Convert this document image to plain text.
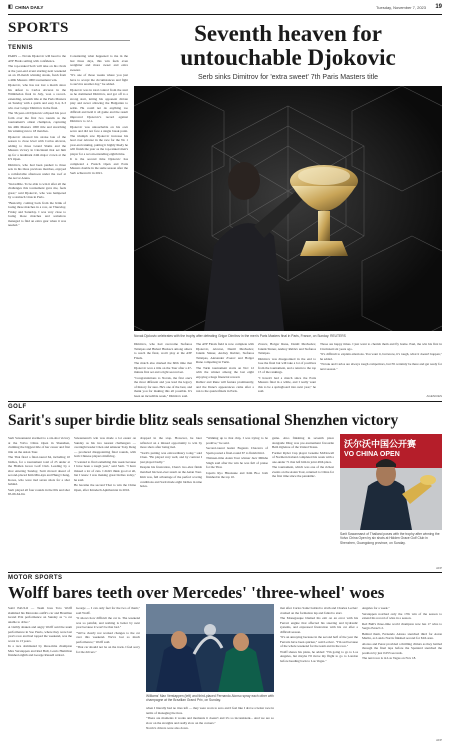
19
Tuesday, November 7, 2023
◧ CHINA DAILY
SPORTS
TENNIS

PARIS — Novak Djokovic will head to the ATP Finals sailing with confidence.

The top-ranked Serb will take on his rivals at the year-end event starting next weekend on an 18-match winning streak, fresh from a 40th Masters 1000 tournament win.

Djokovic, who has not lost a match since his defeat to Carlos Alcaraz in the Wimbledon final in July, won a record-extending, seventh title at the Paris Masters on Sunday with a quick and easy 6-4, 6-3 win over Grigor Dimitrov in the final.

The 36-year-old Djokovic eclipsed his poor form over the first two rounds as the tournament's oldest champion, capturing his 40th Masters 1000 title and stretching his winning run to 18 matches.

Djokovic showed his stroke late of the season to close level with Carlos Alcaraz, adding to three Grand Slams and the Masters victory in Cincinnati that set him up for a landmark 24th major crown at the US Open.

Dimitrov, who had been pushed to three sets in his three previous matches, enjoyed a comfortable afternoon under the roof at the Accor Arena.

"Incredible. To be able to win it after all the challenges this tournament gave me, feels great," said Djokovic, who was hampered by a stomach virus in Paris.

"Basically, coming back from the brink of losing three matches in a row, on Thursday, Friday and Saturday. I was very close to losing those matches and somehow managed to find an extra gear when it was needed."

Considering what happened to me in the last three days, this win feels even weightier and more sweet and extra sweeter.

"It's one of those weeks where you just have to accept the circumstances and fight to survive another day," he added.

Djokovic was in total control from the start as he dominated Dimitrov, and got off to a strong start, letting his opponent dictate play and never allowing the Bulgarian to settle. He could not do anything too difficult and held it all game and the result improved Djokovic's record against Dimitrov to 12-1.

Djokovic was untouchable on his own serve and did not face a single break point. The triumph saw Djokovic increase his lead over Alcaraz in the race for the No 1 year-end ranking, putting it highly likely he will finish the year as the top-ranked men's player for a record-extending eighth time.

It is the second time Djokovic has completed a French Open and Paris Masters double in the same season after the Serb achieved it in 2021.

Seventh heaven for
untouchable Djokovic
Serb sinks Dimitrov for 'extra sweet' 7th Paris Masters title
Novak Djokovic celebrates with the trophy after defeating Grigor Dimitrov in the men's Paris Masters final in Paris, France, on Sunday. REUTERS

Dimitrov, who had overcome Stefanos Tsitsipas and Hubert Hurkacz among others to reach the final, won't play at the ATP Finals.

The match also marked the 60th time that Djokovic won a title on the Tour after a 47-minute first set and a tight second set.

"Congratulations to Novak, the first one's the most different and you lead the legacy of history for sure. He's one of the best, and thank you for making this all possible. It's been an incredible week," Dimitrov said.

The ATP Finals field is now complete with Djokovic, Alcaraz, Daniil Medvedev, Jannik Sinner, Andrey Rublev, Stefanos Tsitsipas, Alexander Zverev and Holger Rune competing in Turin.

The Turin tournament starts on Nov 12 with the winner among the last eight enjoying a huge financial reward.

Rublev and Rune will feature prominently, and the Dane's appearances came after a run to the quarterfinals in Paris.

Zverev, Holger Rune, Daniil Medvedev, Jannik Sinner, Andrey Rublev and Stefanos Tsitsipas.

Dimitrov was disappointed in the end to lose the final but will take a lot of positives from the tournament, and a return to the top 15 of the rankings.

"I haven't had a match since the Paris Masters final in a while, and I really want this to be a springboard into next year," he said.

Those are happy times. I just want to cherish them and fly home. Paul, the win his first in Cincinnati six years ago.

"It's difficult to explain emotions. You want it, but know, it's tough, what it doesn't happen," he added.

"Novak and Carlos are always tough competitors, but I'll certainly be there and get ready for next season."

AGENCIES
GOLF
Sarit's super birdie blitz seals sensational Shenzhen victory

Sarit Suwannarut stormed to a six-shot victory at the Volvo China Open in Shenzhen, claiming the biggest title of her career and first title on the Asian Tour.

The Thai fired a final-round 64, including 10 birdies, for a tournament total of 25 under at the Hidden Grace Golf Club. Leading by a shot entering Sunday, Sarit moved ahead of second-placed Kim Min-kyu and Hung Chang, Korea, who were tied seven shots for a shot behind.

Sarit played all four rounds in the 60s and shot 65-66-64-64.

Suwannarut's win was made a lot easier on Sunday as his two nearest challengers — overnight leader Chen and amateur Tony Deng — produced disappointing final rounds, with both Chinese players misfiring.

"I wanted to find something this week because I have been a tough year," said Sarit. "I have missed a lot of cuts. I didn't think good at all, but I knew I was making great birdies today," he said.

He became the second Thai to win the China Open, after Kiradech Aphibarnrat in 2016.

dropped in the stop. However, he later reflected on a missed opportunity to win by more shots after being tied.

"Sarit's putting was extraordinary today," said Chen. "He played very well, and by contrast I just played badly."

Despite his frustration, Chen's two-shot finish matched his best-ever result on the Asian Tour.

Kim was, full advantage of the perfect scoring conditions and Sarit made eight birdies in nine holes.

"Walking up to that chip, I was trying to be positive," he said.

Second-round leader Eugenio Chacarra of Spain posted a final-round 67 to finish third.

Thirteen-time Asian Tour winner Jeev Milkha Singh said after the win he was full of praise for the Thai.

Japan's Ryo Hisatsune and Kim Bi-o both finished in the top 10.

game. Also finishing in seventh place alongside Ding was pre-tournament favourite Beth Ogletree of the United States.

Former Ryder Cup player Graeme McDowell of Northern Ireland completed his week with a one-under 71 that left him in joint 49th place.

The tournament, which was one of the richest events on the Asian Tour, returned to China for the first time since the pandemic.

沃尔沃中国公开赛
VO CHINA OPEN
Sarit Suwannarut of Thailand poses with the trophy after winning the Volvo China Open by six shots at Hidden Grace Golf Club in Shenzhen, Guangdong province, on Sunday.
AFP
MOTOR SPORTS
Wolff bares teeth over Mercedes' 'three-wheel' woes

SAO PAULO — Team boss Toto Wolff slammed his Mercedes outfit's car and Brazilian Grand Prix performance on Sunday as "a car unable to drive."

A visibly shaken and angry Wolff said the team performance in Sao Paulo, where they were last year's race and had topped the weekend, was the worst in 13 years.

In a race dominated by three-time champion Max Verstappen and Red Bull, Lewis Hamilton finished eighth and George Russell retired.

George — I can only feel for the two of them," said Wolff.

"It shows how difficult the car is. The weekend was so painful, and nothing is better by next year because it won't be that bad."

"We've clearly not worked changes to the car over this weekend. We've lost so much performance," Wolff said.

"That car should not be on the track. I feel sorry for the drivers."

Williams' Max Verstappen (left) and third-placed Fernando Alonso spray each other with champagne at the Brazilian Grand Prix, on Sunday.

when I literally had no tires left — they were worn to zero and I feel like I drove a better race in terms of managing the tires.

"There are moments it works and moments it doesn't and it's so inconsistent... And we are so slow on the straights and really slow on the corners."

Norris's drivers were also down.

mat after Carlos Sainz battled to sixth and Charles Leclerc crashed on the formation lap and failed to start.

The Monegasque blamed his exit on an error with his Ferrari engine that affected his steering and hydraulic systems, and expressed frustration with his car after a difficult season.

"It's an annoying because in the second half of the year the Ferraris have been quicker," said Leclerc. "I'm sad because of the whole weekend for the team and in the race."

Wolff shares his plans, he added: "I'm going to go to Los Angeles, but maybe I'll move my flight to go to London before heading back to Las Vegas."

Angeles for a week."

Verstappen notched only the 17th win of the season to extend his record of wins in a season.

Red Bull's three-time world champion now has 17 wins to Sergio Perez's 2.

Behind them, Fernando Alonso snatched third for Aston Martin, as Lando Norris finished second for McLaren.

Alonso and Perez provided a thrilling climax as they battled through the final laps before the Spaniard snatched the position by just 0.053 seconds.

The next race is in Las Vegas on Nov 18.

AFP
